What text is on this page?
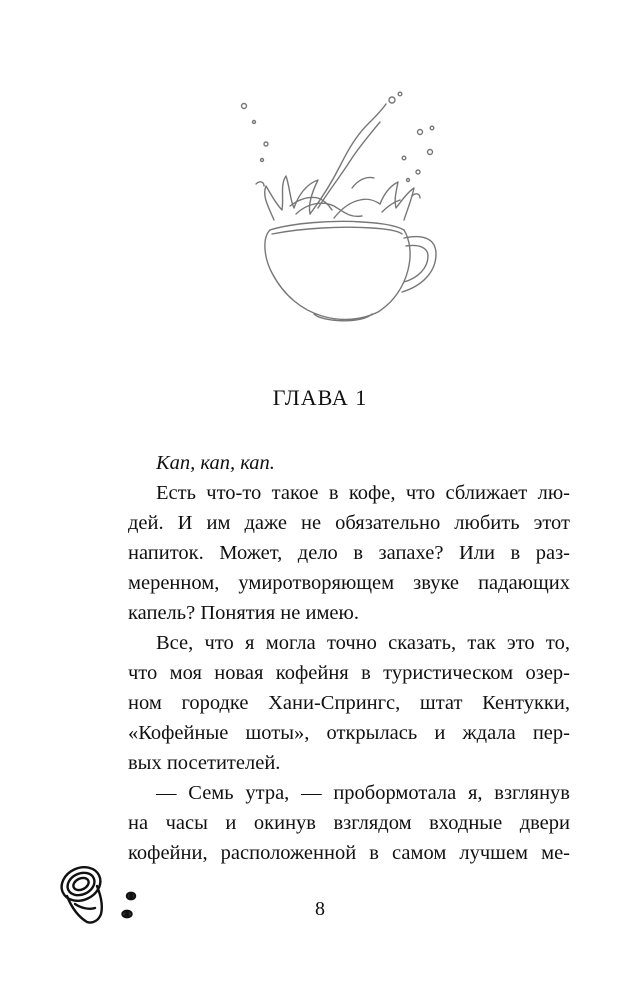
ГЛАВА 1
Кап, кап, кап.
Есть что-то такое в кофе, что сближает лю-
дей. И им даже не обязательно любить этот
напиток. Может, дело в запахе? Или в раз-
меренном, умиротворяющем звуке падающих
капель? Понятия не имею.
Все, что я могла точно сказать, так это то,
что моя новая кофейня в туристическом озер-
ном городке Хани-Спрингс, штат Кентукки,
«Кофейные шоты», открылась и ждала пер-
вых посетителей.
— Семь утра, — пробормотала я, взглянув
на часы и окинув взглядом входные двери
кофейни, расположенной в самом лучшем ме-
8
